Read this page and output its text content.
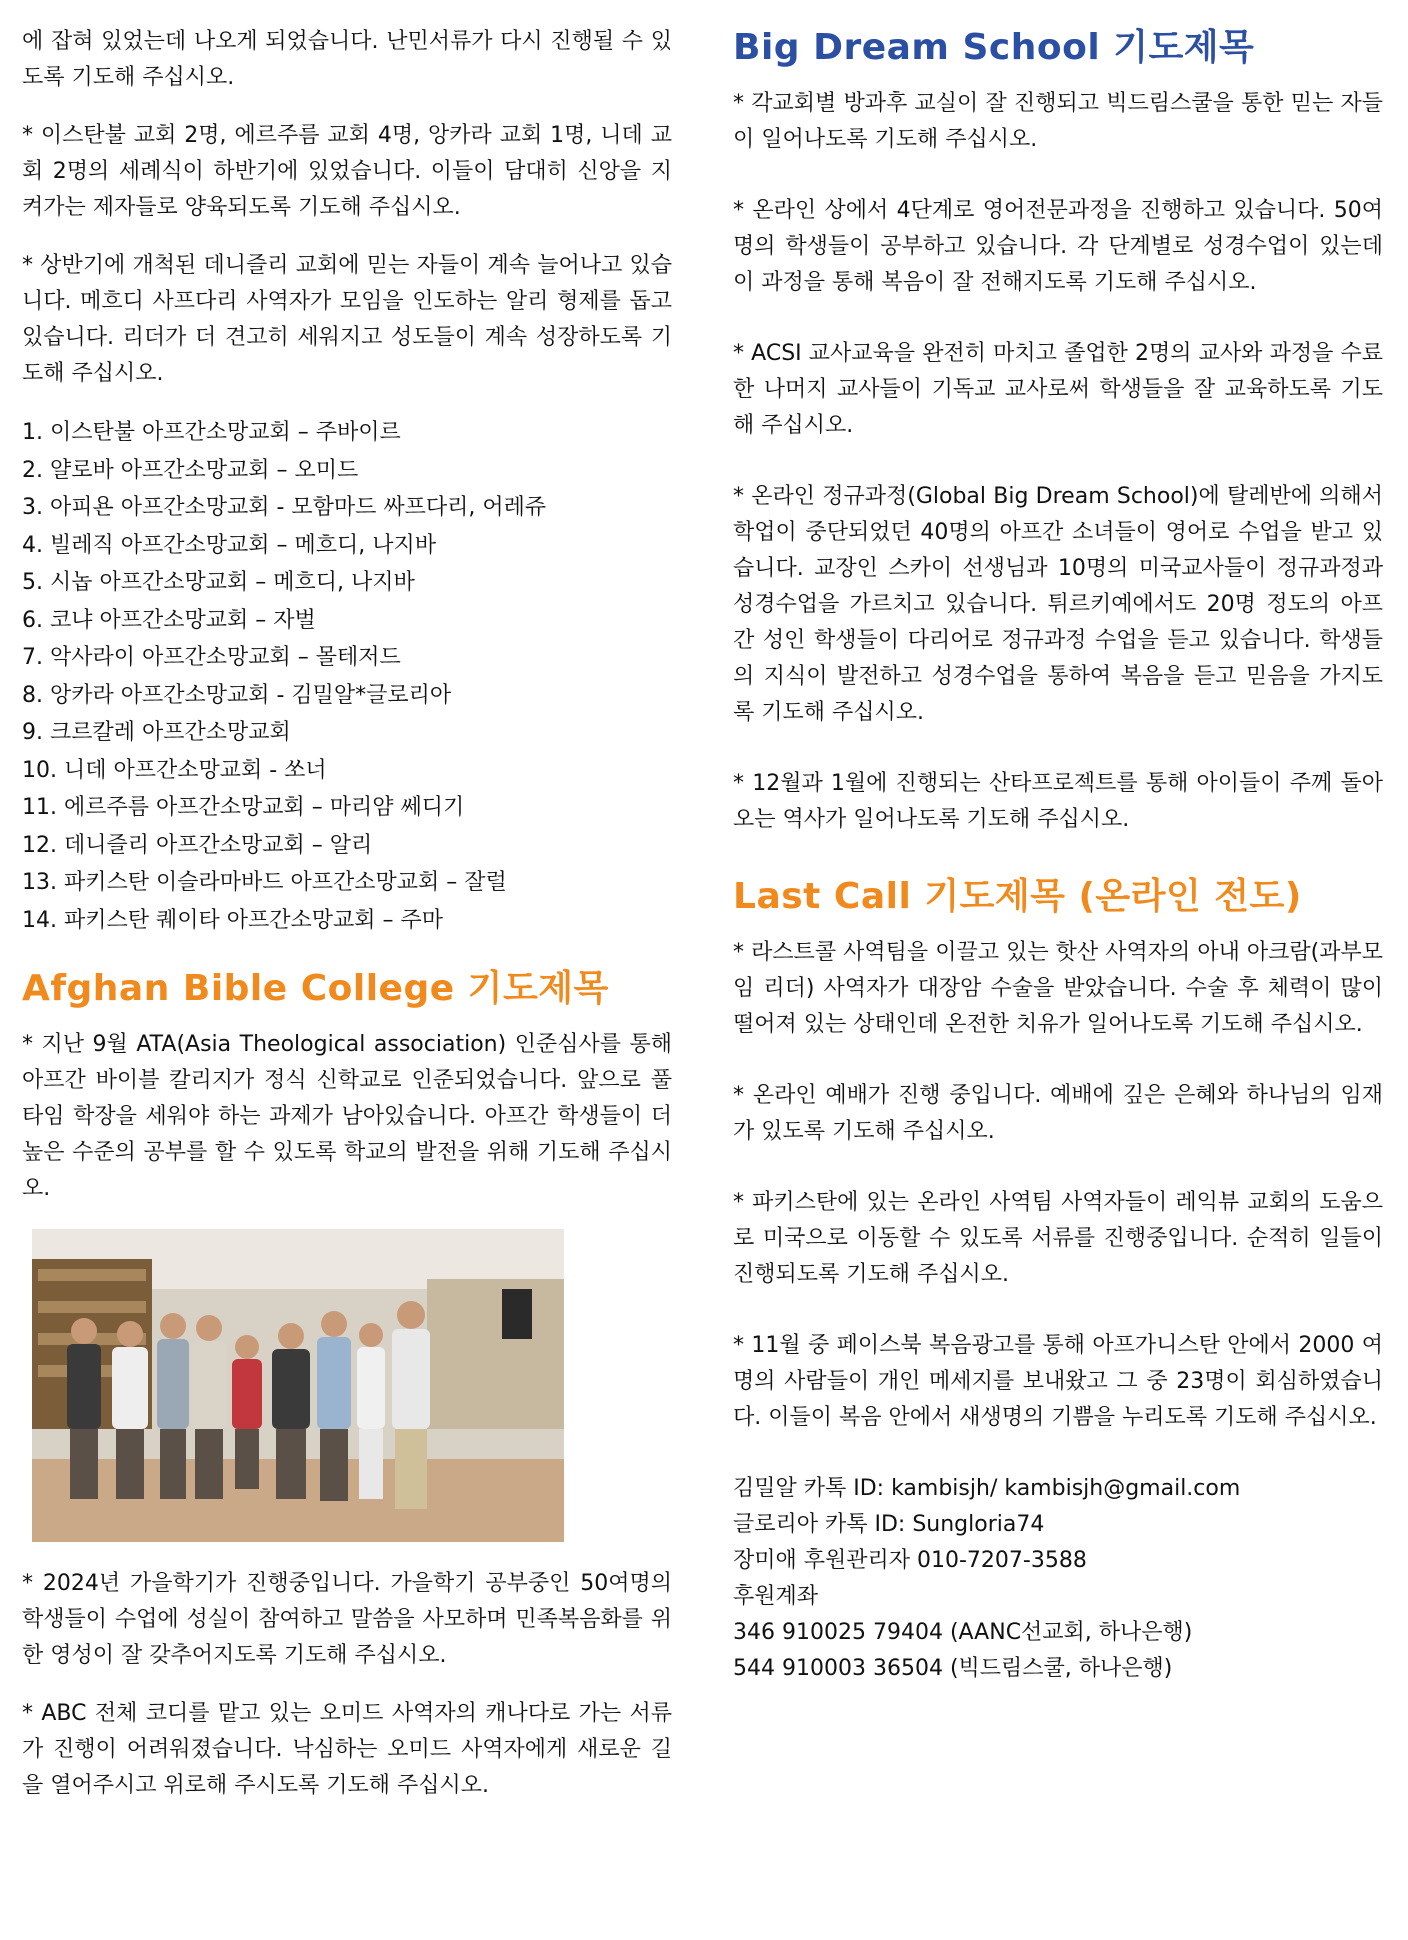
에 잡혀 있었는데 나오게 되었습니다. 난민서류가 다시 진행될 수 있도록 기도해 주십시오.

* 이스탄불 교회 2명, 에르주름 교회 4명, 앙카라 교회 1명, 니데 교회 2명의 세례식이 하반기에 있었습니다. 이들이 담대히 신앙을 지켜가는 제자들로 양육되도록 기도해 주십시오.

* 상반기에 개척된 데니즐리 교회에 믿는 자들이 계속 늘어나고 있습니다. 메흐디 사프다리 사역자가 모임을 인도하는 알리 형제를 돕고 있습니다. 리더가 더 견고히 세워지고 성도들이 계속 성장하도록 기도해 주십시오.

1. 이스탄불 아프간소망교회 – 주바이르
2. 얄로바 아프간소망교회 – 오미드
3. 아피욘 아프간소망교회 - 모함마드 싸프다리, 어레쥬
4. 빌레직 아프간소망교회 – 메흐디, 나지바
5. 시놉 아프간소망교회 – 메흐디, 나지바
6. 코냐 아프간소망교회 – 자벌
7. 악사라이 아프간소망교회 – 몰테저드
8. 앙카라 아프간소망교회 - 김밀알*글로리아
9. 크르칼레 아프간소망교회
10. 니데 아프간소망교회 - 쏘너
11. 에르주름 아프간소망교회 – 마리얌 쎄디기
12. 데니즐리 아프간소망교회 – 알리
13. 파키스탄 이슬라마바드 아프간소망교회 – 잘럴
14. 파키스탄 퀘이타 아프간소망교회 – 주마
Afghan Bible College 기도제목

* 지난 9월 ATA(Asia Theological association) 인준심사를 통해 아프간 바이블 칼리지가 정식 신학교로 인준되었습니다. 앞으로 풀타임 학장을 세워야 하는 과제가 남아있습니다. 아프간 학생들이 더 높은 수준의 공부를 할 수 있도록 학교의 발전을 위해 기도해 주십시오.

* 2024년 가을학기가 진행중입니다. 가을학기 공부중인 50여명의 학생들이 수업에 성실이 참여하고 말씀을 사모하며 민족복음화를 위한 영성이 잘 갖추어지도록 기도해 주십시오.

* ABC 전체 코디를 맡고 있는 오미드 사역자의 캐나다로 가는 서류가 진행이 어려워졌습니다. 낙심하는 오미드 사역자에게 새로운 길을 열어주시고 위로해 주시도록 기도해 주십시오.

Big Dream School 기도제목

* 각교회별 방과후 교실이 잘 진행되고 빅드림스쿨을 통한 믿는 자들이 일어나도록 기도해 주십시오.

* 온라인 상에서 4단계로 영어전문과정을 진행하고 있습니다. 50여명의 학생들이 공부하고 있습니다. 각 단계별로 성경수업이 있는데 이 과정을 통해 복음이 잘 전해지도록 기도해 주십시오.

* ACSI 교사교육을 완전히 마치고 졸업한 2명의 교사와 과정을 수료한 나머지 교사들이 기독교 교사로써 학생들을 잘 교육하도록 기도해 주십시오.

* 온라인 정규과정(Global Big Dream School)에 탈레반에 의해서 학업이 중단되었던 40명의 아프간 소녀들이 영어로 수업을 받고 있습니다. 교장인 스카이 선생님과 10명의 미국교사들이 정규과정과 성경수업을 가르치고 있습니다. 튀르키예에서도 20명 정도의 아프간 성인 학생들이 다리어로 정규과정 수업을 듣고 있습니다. 학생들의 지식이 발전하고 성경수업을 통하여 복음을 듣고 믿음을 가지도록 기도해 주십시오.

* 12월과 1월에 진행되는 산타프로젝트를 통해 아이들이 주께 돌아오는 역사가 일어나도록 기도해 주십시오.

Last Call 기도제목 (온라인 전도)

* 라스트콜 사역팀을 이끌고 있는 핫산 사역자의 아내 아크람(과부모임 리더) 사역자가 대장암 수술을 받았습니다. 수술 후 체력이 많이 떨어져 있는 상태인데 온전한 치유가 일어나도록 기도해 주십시오.

* 온라인 예배가 진행 중입니다. 예배에 깊은 은혜와 하나님의 임재가 있도록 기도해 주십시오.

* 파키스탄에 있는 온라인 사역팀 사역자들이 레익뷰 교회의 도움으로 미국으로 이동할 수 있도록 서류를 진행중입니다. 순적히 일들이 진행되도록 기도해 주십시오.

* 11월 중 페이스북 복음광고를 통해 아프가니스탄 안에서 2000 여명의 사람들이 개인 메세지를 보내왔고 그 중 23명이 회심하였습니다. 이들이 복음 안에서 새생명의 기쁨을 누리도록 기도해 주십시오.

김밀알 카톡 ID: kambisjh/ kambisjh@gmail.com

글로리아 카톡 ID: Sungloria74

장미애 후원관리자 010-7207-3588

후원계좌

346 910025 79404 (AANC선교회, 하나은행)

544 910003 36504 (빅드림스쿨, 하나은행)
